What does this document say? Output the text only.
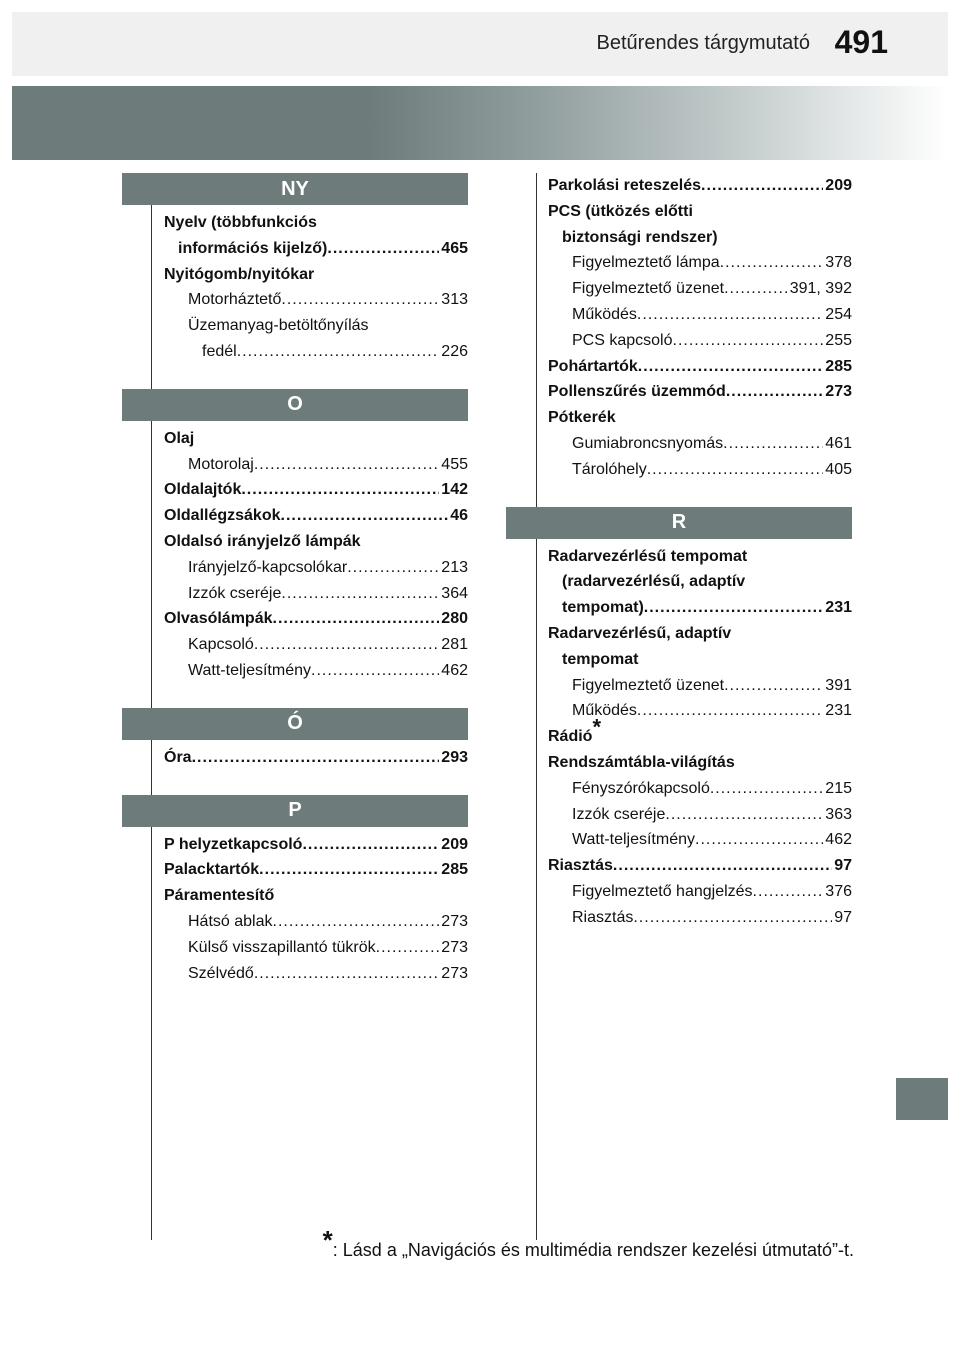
Betűrendes tárgymutató 491
NY
Nyelv (többfunkciós
információs kijelző) .....	465
Nyitógomb/nyitókar
Motorháztető .....	313
Üzemanyag-betöltőnyílás
fedél .....	226
O
Olaj
Motorolaj .....	455
Oldalajtók .....	142
Oldallégzsákok .....	46
Oldalsó irányjelző lámpák
Irányjelző-kapcsolókar .....	213
Izzók cseréje .....	364
Olvasólámpák .....	280
Kapcsoló .....	281
Watt-teljesítmény .....	462
Ó
Óra .....	293
P
P helyzetkapcsoló .....	209
Palacktartók .....	285
Páramentesítő
Hátsó ablak .....	273
Külső visszapillantó tükrök .....	273
Szélvédő .....	273
Parkolási reteszelés .....	209
PCS (ütközés előtti
biztonsági rendszer)
Figyelmeztető lámpa .....	378
Figyelmeztető üzenet .....	391, 392
Működés .....	254
PCS kapcsoló .....	255
Pohártartók .....	285
Pollenszűrés üzemmód .....	273
Pótkerék
Gumiabroncsnyomás .....	461
Tárolóhely .....	405
R
Radarvezérlésű tempomat
(radarvezérlésű, adaptív
tempomat) .....	231
Radarvezérlésű, adaptív
tempomat
Figyelmeztető üzenet .....	391
Működés .....	231
Rádió*
Rendszámtábla-világítás
Fényszórókapcsoló .....	215
Izzók cseréje .....	363
Watt-teljesítmény .....	462
Riasztás .....	97
Figyelmeztető hangjelzés .....	376
Riasztás .....	97
*: Lásd a „Navigációs és multimédia rendszer kezelési útmutató”-t.
